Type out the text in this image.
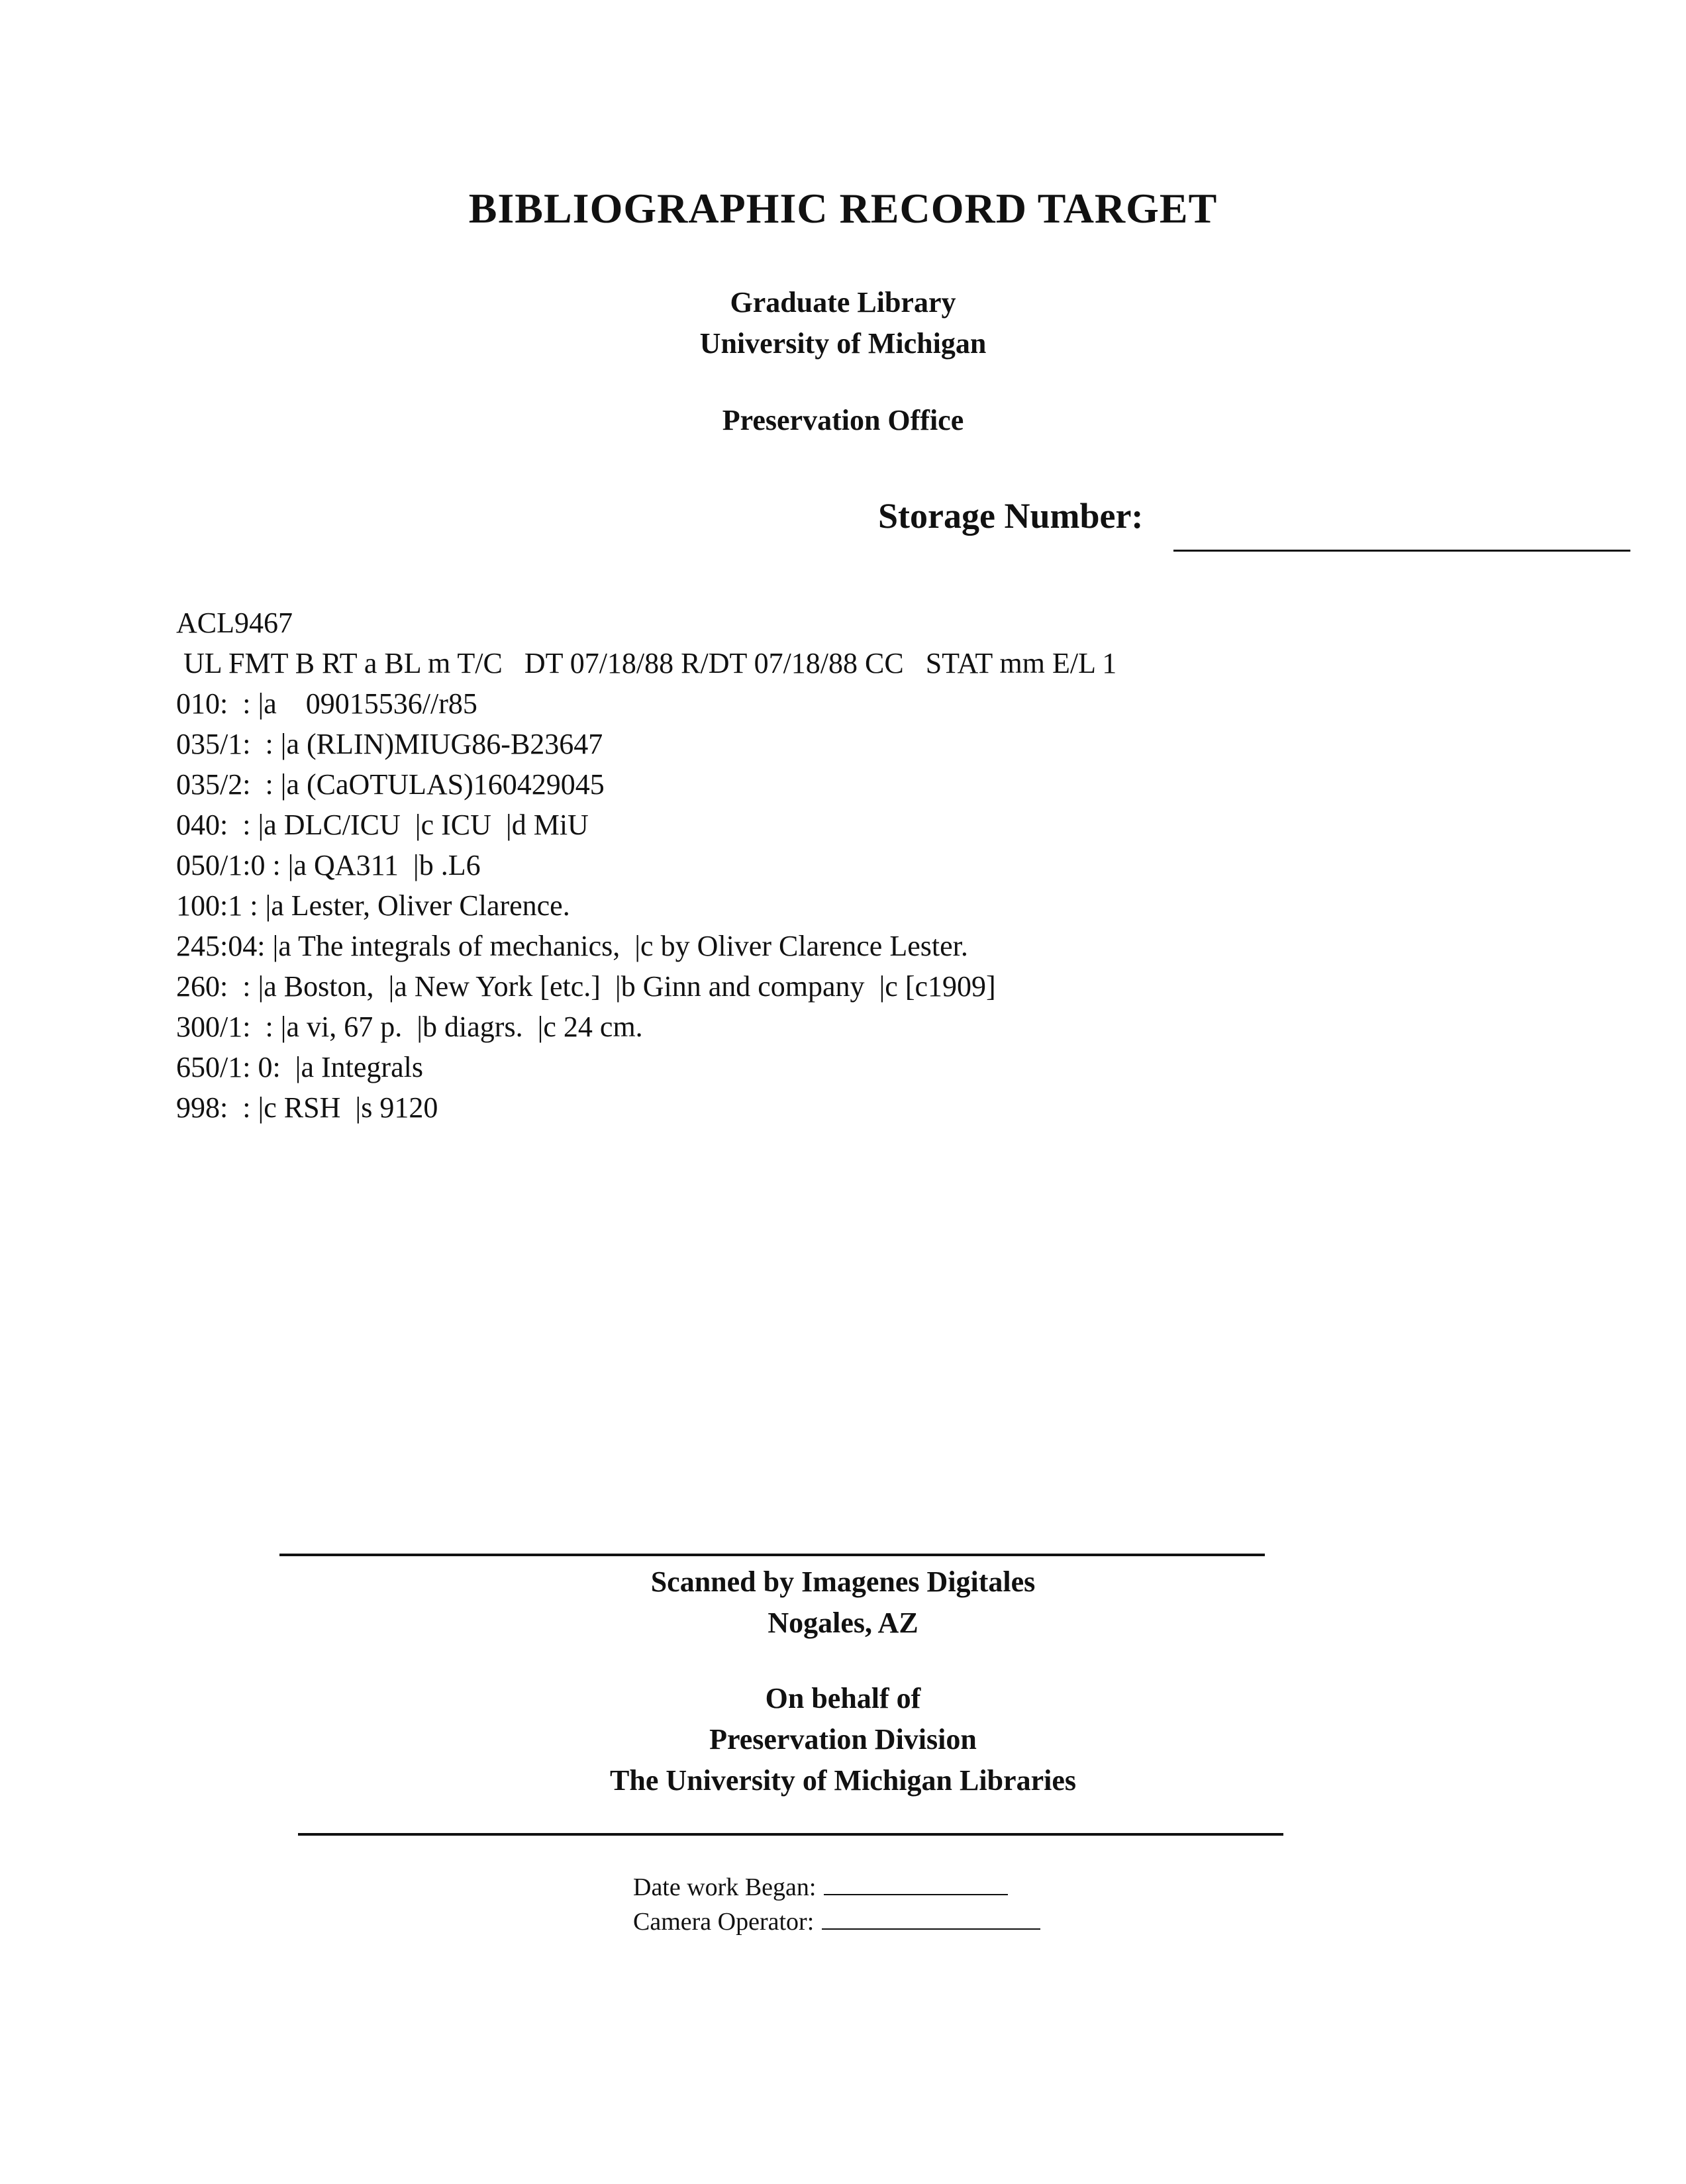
BIBLIOGRAPHIC RECORD TARGET
Graduate Library
University of Michigan
Preservation Office
Storage Number:
ACL9467
UL FMT B RT a BL m T/C   DT 07/18/88 R/DT 07/18/88 CC   STAT mm E/L 1
010:  : |a    09015536//r85
035/1:  : |a (RLIN)MIUG86-B23647
035/2:  : |a (CaOTULAS)160429045
040:  : |a DLC/ICU  |c ICU  |d MiU
050/1:0 : |a QA311  |b .L6
100:1 : |a Lester, Oliver Clarence.
245:04: |a The integrals of mechanics,  |c by Oliver Clarence Lester.
260:  : |a Boston,  |a New York [etc.]  |b Ginn and company  |c [c1909]
300/1:  : |a vi, 67 p.  |b diagrs.  |c 24 cm.
650/1: 0:  |a Integrals
998:  : |c RSH  |s 9120
Scanned by Imagenes Digitales
Nogales, AZ
On behalf of
Preservation Division
The University of Michigan Libraries
Date work Began:
Camera Operator:
